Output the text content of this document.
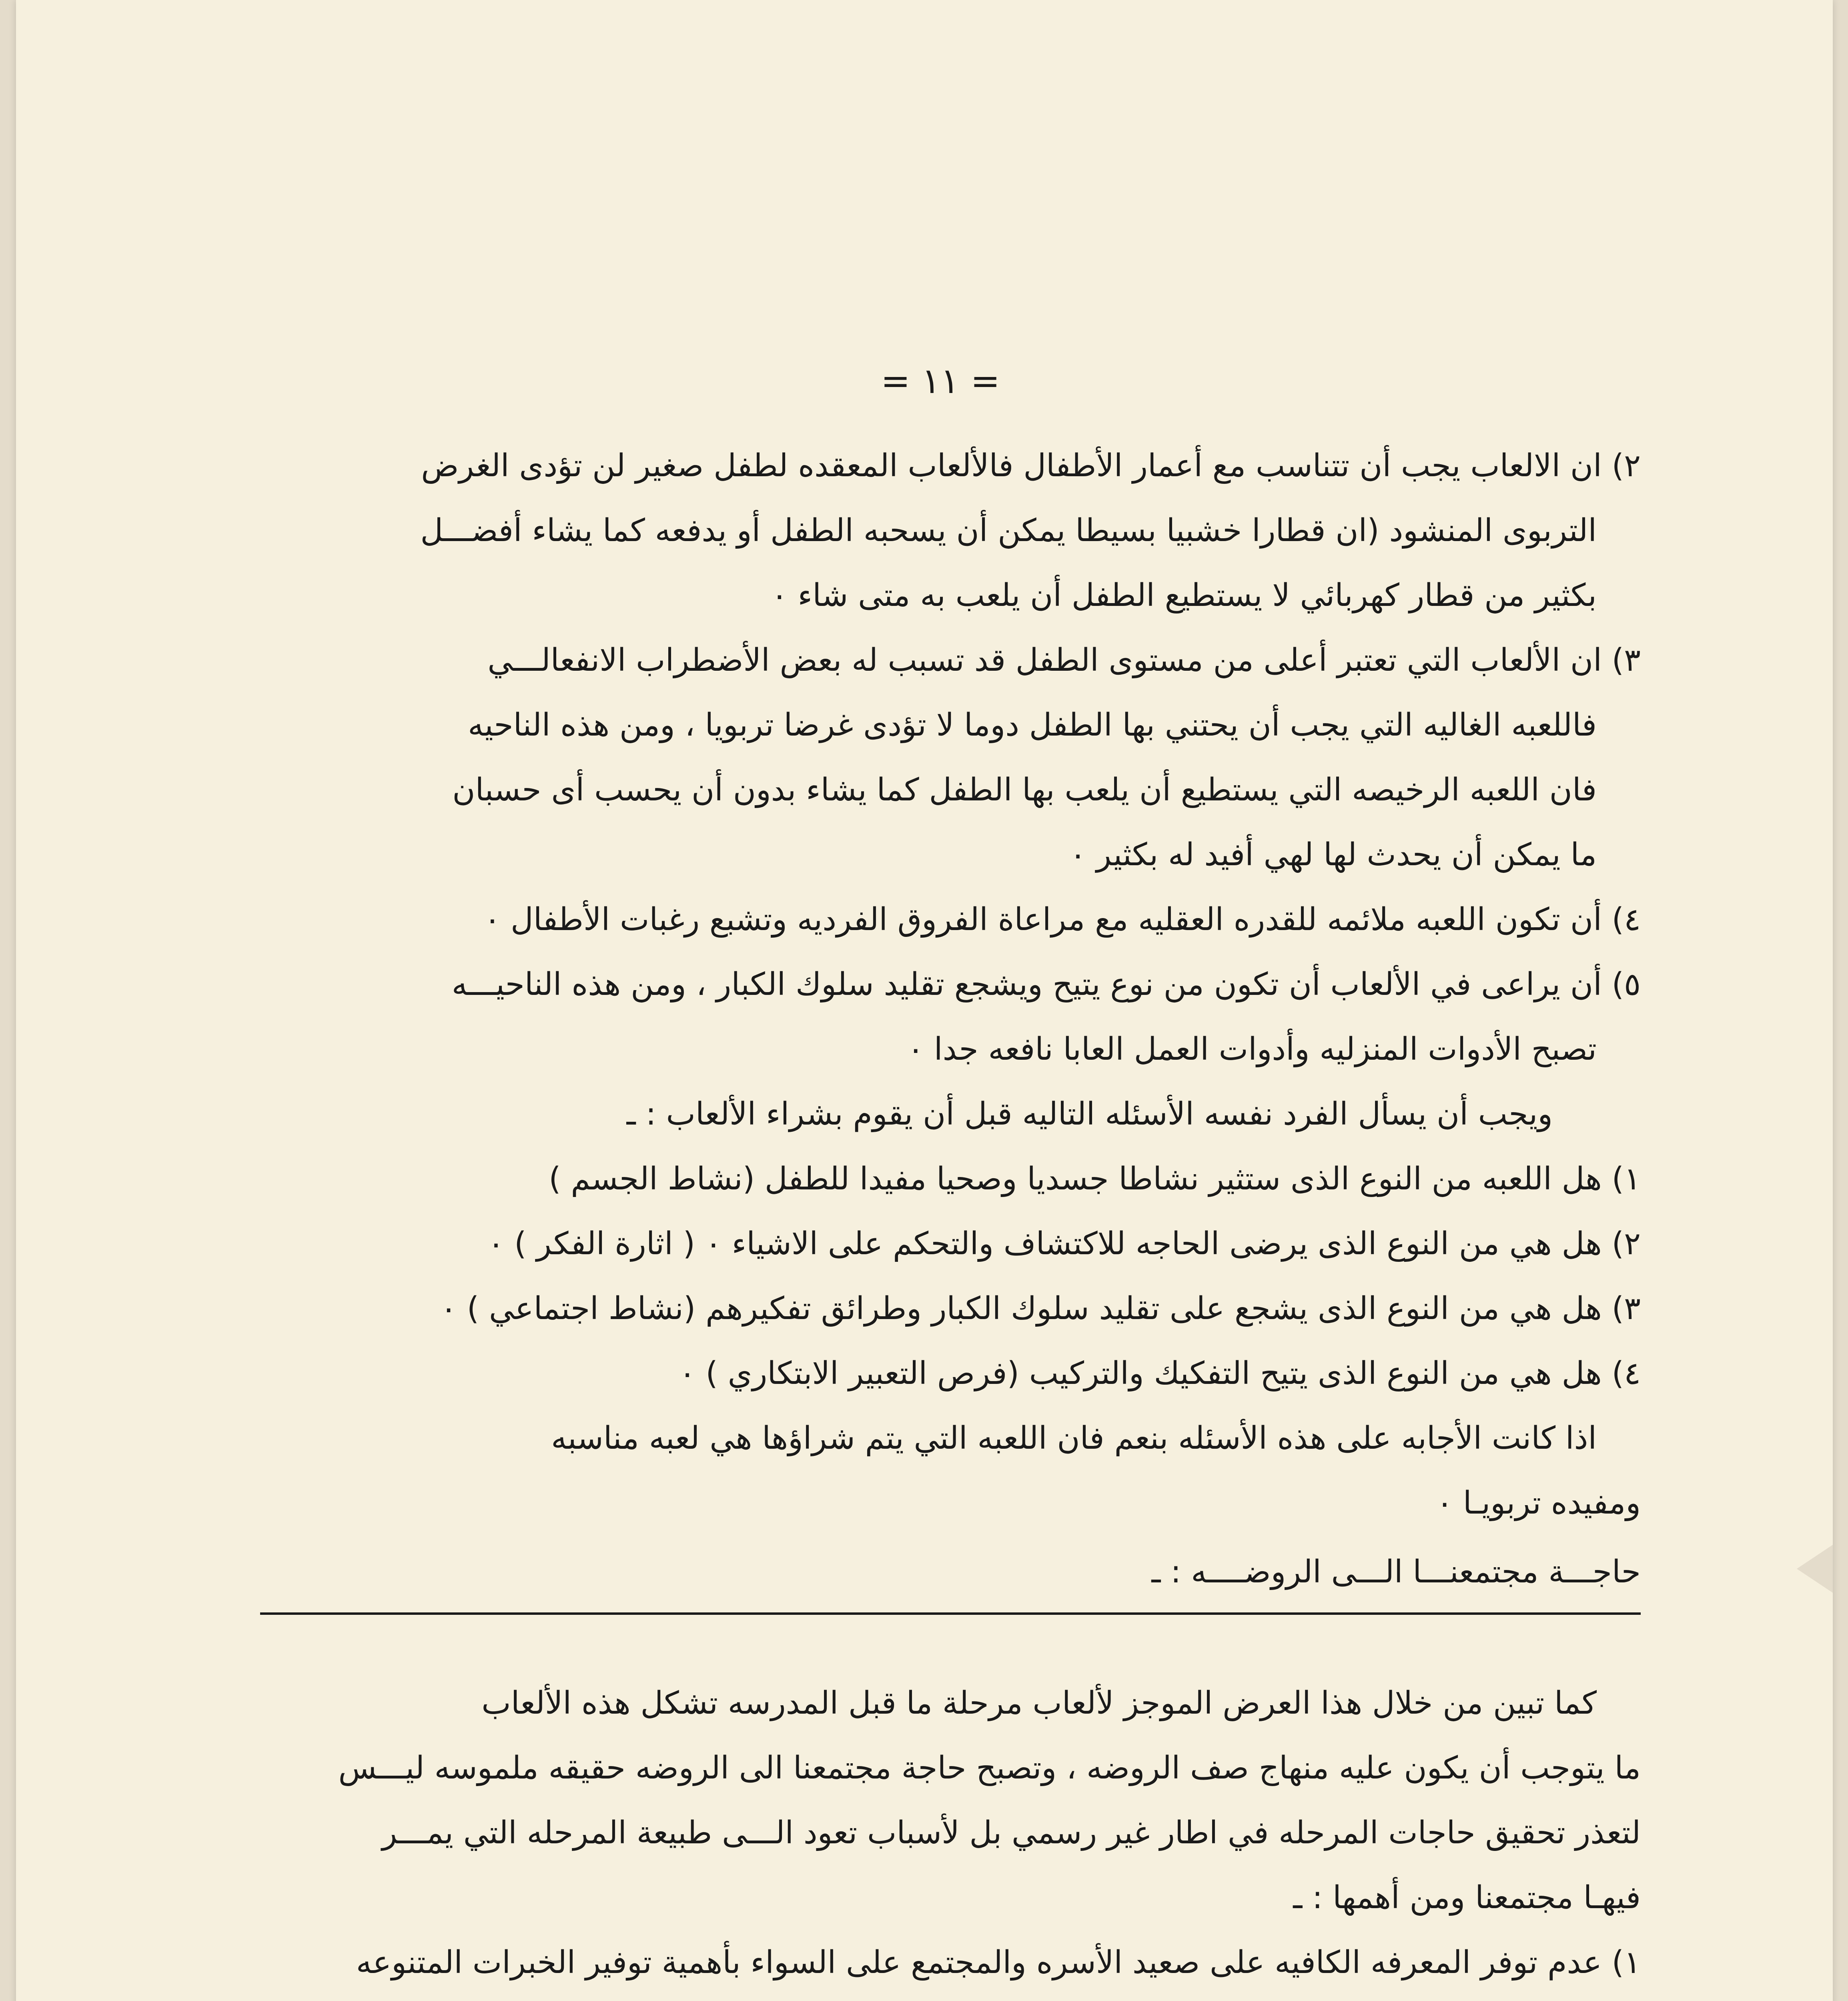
= ١١ =
٢) ان الالعاب يجب أن تتناسب مع أعمار الأطفال فالألعاب المعقده لطفل صغير لن تؤدى الغرض
التربوى المنشود (ان قطارا خشبيا بسيطا يمكن أن يسحبه الطفل أو يدفعه كما يشاء أفضـــل
بكثير من قطار كهربائي لا يستطيع الطفل أن يلعب به متى شاء ٠
٣) ان الألعاب التي تعتبر أعلى من مستوى الطفل قد تسبب له بعض الأضطراب الانفعالـــي
فاللعبه الغاليه التي يجب أن يحتني بها الطفل دوما لا تؤدى غرضا تربويا ، ومن هذه الناحيه
فان اللعبه الرخيصه التي يستطيع أن يلعب بها الطفل كما يشاء بدون أن يحسب أى حسبان
ما يمكن أن يحدث لها لهي أفيد له بكثير ٠
٤) أن تكون اللعبه ملائمه للقدره العقليه مع مراعاة الفروق الفرديه وتشبع رغبات الأطفال ٠
٥) أن يراعى في الألعاب أن تكون من نوع يتيح ويشجع تقليد سلوك الكبار ، ومن هذه الناحيـــه
تصبح الأدوات المنزليه وأدوات العمل العابا نافعه جدا ٠
ويجب أن يسأل الفرد نفسه الأسئله التاليه قبل أن يقوم بشراء الألعاب : ـ
١) هل اللعبه من النوع الذى ستثير نشاطا جسديا وصحيا مفيدا للطفل (نشاط الجسم )
٢) هل هي من النوع الذى يرضى الحاجه للاكتشاف والتحكم على الاشياء ٠ ( اثارة الفكر ) ٠
٣) هل هي من النوع الذى يشجع على تقليد سلوك الكبار وطرائق تفكيرهم (نشاط اجتماعي ) ٠
٤) هل هي من النوع الذى يتيح التفكيك والتركيب (فرص التعبير الابتكاري ) ٠
اذا كانت الأجابه على هذه الأسئله بنعم فان اللعبه التي يتم شراؤها هي لعبه مناسبه
ومفيده تربويـا ٠
حاجـــة مجتمعنـــا الـــى الروضــــه : ـ
كما تبين من خلال هذا العرض الموجز لألعاب مرحلة ما قبل المدرسه تشكل هذه الألعاب
ما يتوجب أن يكون عليه منهاج صف الروضه ، وتصبح حاجة مجتمعنا الى الروضه حقيقه ملموسه ليـــس
لتعذر تحقيق حاجات المرحله في اطار غير رسمي بل لأسباب تعود الـــى طبيعة المرحله التي يمـــر
فيهـا مجتمعنا ومن أهمها : ـ
١) عدم توفر المعرفه الكافيه على صعيد الأسره والمجتمع على السواء بأهمية توفير الخبرات المتنوعه
